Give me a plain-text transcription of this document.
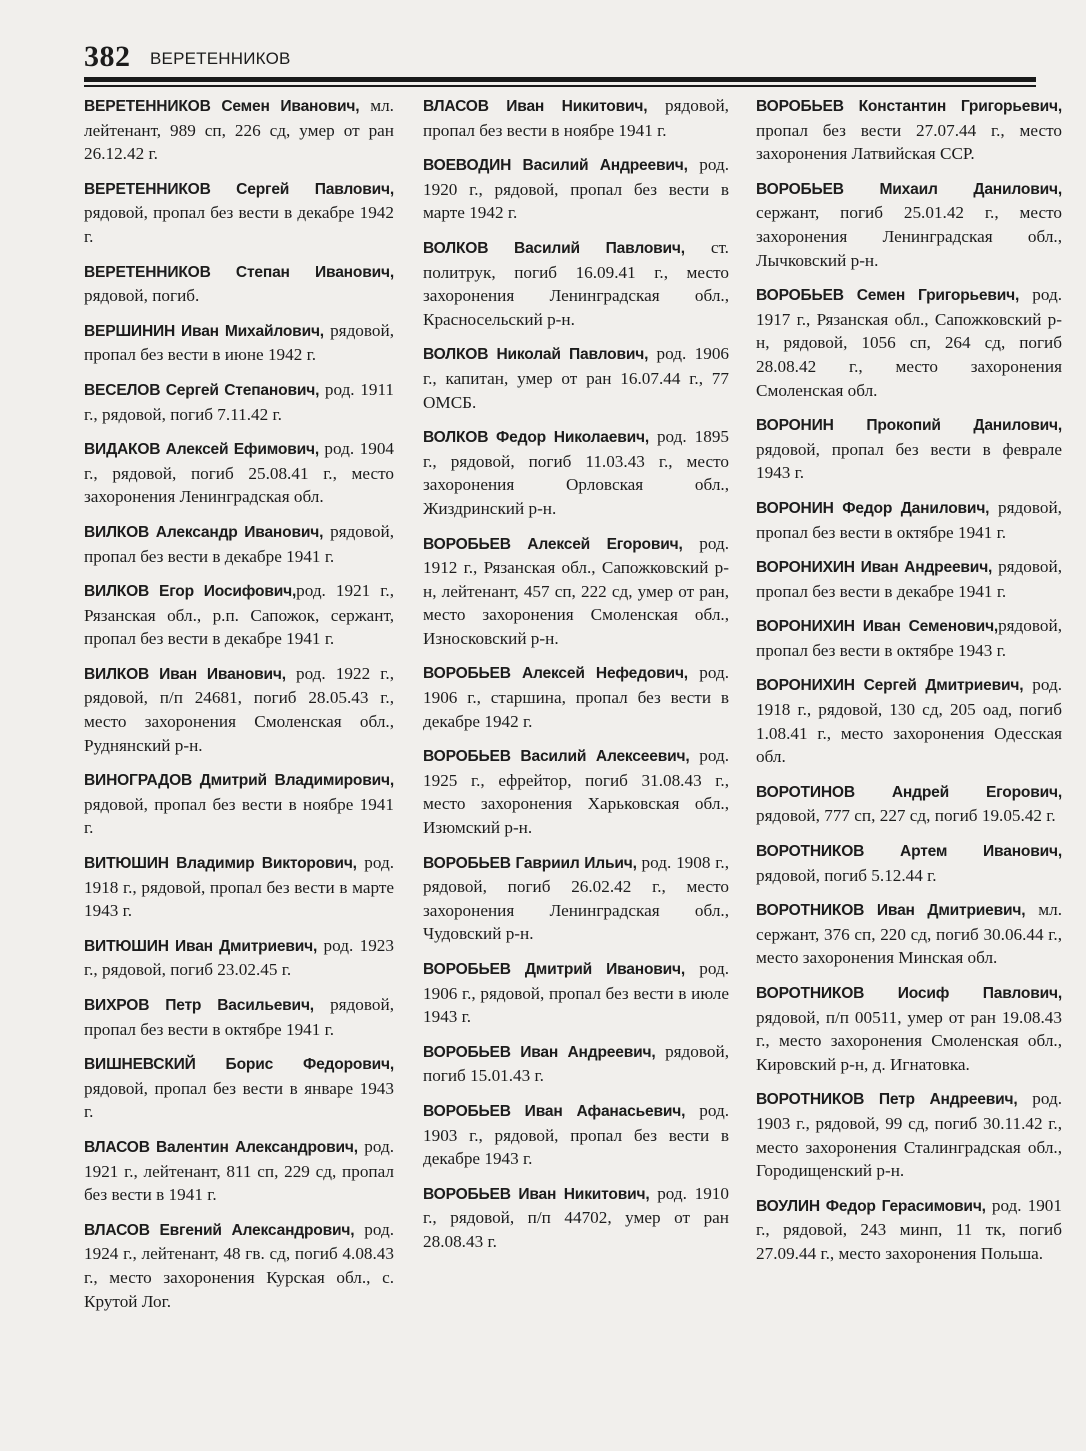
382 ВЕРЕТЕННИКОВ

ВЕРЕТЕННИКОВ Семен Иванович, мл. лейтенант, 989 сп, 226 сд, умер от ран 26.12.42 г.

ВЕРЕТЕННИКОВ Сергей Павлович, рядовой, пропал без вести в декабре 1942 г.

ВЕРЕТЕННИКОВ Степан Иванович, рядовой, погиб.

ВЕРШИНИН Иван Михайлович, рядовой, пропал без вести в июне 1942 г.

ВЕСЕЛОВ Сергей Степанович, род. 1911 г., рядовой, погиб 7.11.42 г.

ВИДАКОВ Алексей Ефимович, род. 1904 г., рядовой, погиб 25.08.41 г., место захоронения Ленинградская обл.

ВИЛКОВ Александр Иванович, рядовой, пропал без вести в декабре 1941 г.

ВИЛКОВ Егор Иосифович,род. 1921 г., Рязанская обл., р.п. Сапожок, сержант, пропал без вести в декабре 1941 г.

ВИЛКОВ Иван Иванович, род. 1922 г., рядовой, п/п 24681, погиб 28.05.43 г., место захоронения Смоленская обл., Руднянский р-н.

ВИНОГРАДОВ Дмитрий Владимирович, рядовой, пропал без вести в ноябре 1941 г.

ВИТЮШИН Владимир Викторович, род. 1918 г., рядовой, пропал без вести в марте 1943 г.

ВИТЮШИН Иван Дмитриевич, род. 1923 г., рядовой, погиб 23.02.45 г.

ВИХРОВ Петр Васильевич, рядовой, пропал без вести в октябре 1941 г.

ВИШНЕВСКИЙ Борис Федорович, рядовой, пропал без вести в январе 1943 г.

ВЛАСОВ Валентин Александрович, род. 1921 г., лейтенант, 811 сп, 229 сд, пропал без вести в 1941 г.

ВЛАСОВ Евгений Александрович, род. 1924 г., лейтенант, 48 гв. сд, погиб 4.08.43 г., место захоронения Курская обл., с. Крутой Лог.

ВЛАСОВ Иван Никитович, рядовой, пропал без вести в ноябре 1941 г.

ВОЕВОДИН Василий Андреевич, род. 1920 г., рядовой, пропал без вести в марте 1942 г.

ВОЛКОВ Василий Павлович, ст. политрук, погиб 16.09.41 г., место захоронения Ленинградская обл., Красносельский р-н.

ВОЛКОВ Николай Павлович, род. 1906 г., капитан, умер от ран 16.07.44 г., 77 ОМСБ.

ВОЛКОВ Федор Николаевич, род. 1895 г., рядовой, погиб 11.03.43 г., место захоронения Орловская обл., Жиздринский р-н.

ВОРОБЬЕВ Алексей Егорович, род. 1912 г., Рязанская обл., Сапожковский р-н, лейтенант, 457 сп, 222 сд, умер от ран, место захоронения Смоленская обл., Износковский р-н.

ВОРОБЬЕВ Алексей Нефедович, род. 1906 г., старшина, пропал без вести в декабре 1942 г.

ВОРОБЬЕВ Василий Алексеевич, род. 1925 г., ефрейтор, погиб 31.08.43 г., место захоронения Харьковская обл., Изюмский р-н.

ВОРОБЬЕВ Гавриил Ильич, род. 1908 г., рядовой, погиб 26.02.42 г., место захоронения Ленинградская обл., Чудовский р-н.

ВОРОБЬЕВ Дмитрий Иванович, род. 1906 г., рядовой, пропал без вести в июле 1943 г.

ВОРОБЬЕВ Иван Андреевич, рядовой, погиб 15.01.43 г.

ВОРОБЬЕВ Иван Афанасьевич, род. 1903 г., рядовой, пропал без вести в декабре 1943 г.

ВОРОБЬЕВ Иван Никитович, род. 1910 г., рядовой, п/п 44702, умер от ран 28.08.43 г.

ВОРОБЬЕВ Константин Григорьевич, пропал без вести 27.07.44 г., место захоронения Латвийская ССР.

ВОРОБЬЕВ Михаил Данилович, сержант, погиб 25.01.42 г., место захоронения Ленинградская обл., Лычковский р-н.

ВОРОБЬЕВ Семен Григорьевич, род. 1917 г., Рязанская обл., Сапожковский р-н, рядовой, 1056 сп, 264 сд, погиб 28.08.42 г., место захоронения Смоленская обл.

ВОРОНИН Прокопий Данилович, рядовой, пропал без вести в феврале 1943 г.

ВОРОНИН Федор Данилович, рядовой, пропал без вести в октябре 1941 г.

ВОРОНИХИН Иван Андреевич, рядовой, пропал без вести в декабре 1941 г.

ВОРОНИХИН Иван Семенович,рядовой, пропал без вести в октябре 1943 г.

ВОРОНИХИН Сергей Дмитриевич, род. 1918 г., рядовой, 130 сд, 205 оад, погиб 1.08.41 г., место захоронения Одесская обл.

ВОРОТИНОВ Андрей Егорович, рядовой, 777 сп, 227 сд, погиб 19.05.42 г.

ВОРОТНИКОВ Артем Иванович, рядовой, погиб 5.12.44 г.

ВОРОТНИКОВ Иван Дмитриевич, мл. сержант, 376 сп, 220 сд, погиб 30.06.44 г., место захоронения Минская обл.

ВОРОТНИКОВ Иосиф Павлович, рядовой, п/п 00511, умер от ран 19.08.43 г., место захоронения Смоленская обл., Кировский р-н, д. Игнатовка.

ВОРОТНИКОВ Петр Андреевич, род. 1903 г., рядовой, 99 сд, погиб 30.11.42 г., место захоронения Сталинградская обл., Городищенский р-н.

ВОУЛИН Федор Герасимович, род. 1901 г., рядовой, 243 минп, 11 тк, погиб 27.09.44 г., место захоронения Польша.
